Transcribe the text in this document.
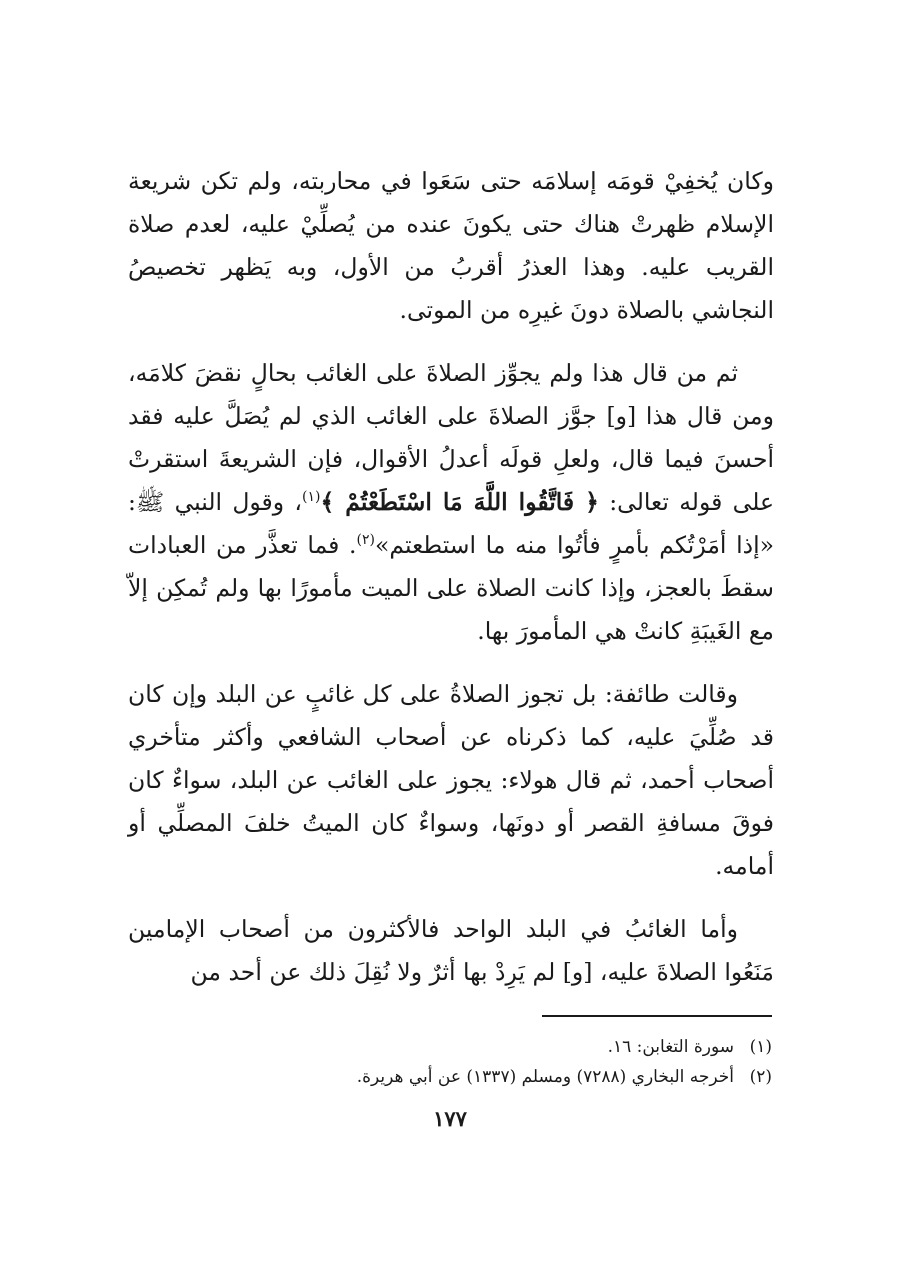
وكان يُخفِيْ قومَه إسلامَه حتى سَعَوا في محاربته، ولم تكن شريعة الإسلام ظهرتْ هناك حتى يكونَ عنده من يُصلِّيْ عليه، لعدم صلاة القريب عليه. وهذا العذرُ أقربُ من الأول، وبه يَظهر تخصيصُ النجاشي بالصلاة دونَ غيرِه من الموتى.

ثم من قال هذا ولم يجوِّز الصلاةَ على الغائب بحالٍ نقضَ كلامَه، ومن قال هذا [و] جوَّز الصلاةَ على الغائب الذي لم يُصَلَّ عليه فقد أحسنَ فيما قال، ولعلِ قولَه أعدلُ الأقوال، فإن الشريعةَ استقرتْ على قوله تعالى: ﴿ فَاتَّقُوا اللَّهَ مَا اسْتَطَعْتُمْ ﴾$^{(١)}$، وقول النبي ﷺ: «إذا أمَرْتُكم بأمرٍ فأتُوا منه ما استطعتم»$^{(٢)}$. فما تعذَّر من العبادات سقطَ بالعجز، وإذا كانت الصلاة على الميت مأمورًا بها ولم تُمكِن إلاّ مع الغَيبَةِ كانتْ هي المأمورَ بها.

وقالت طائفة: بل تجوز الصلاةُ على كل غائبٍ عن البلد وإن كان قد صُلِّيَ عليه، كما ذكرناه عن أصحاب الشافعي وأكثر متأخري أصحاب أحمد، ثم قال هولاء: يجوز على الغائب عن البلد، سواءٌ كان فوقَ مسافةِ القصر أو دونَها، وسواءٌ كان الميتُ خلفَ المصلِّي أو أمامه.

وأما الغائبُ في البلد الواحد فالأكثرون من أصحاب الإمامين مَنَعُوا الصلاةَ عليه، [و] لم يَرِدْ بها أثرٌ ولا نُقِلَ ذلك عن أحد من

(١)
سورة التغابن: ١٦.
(٢)
أخرجه البخاري (٧٢٨٨) ومسلم (١٣٣٧) عن أبي هريرة.
١٧٧
